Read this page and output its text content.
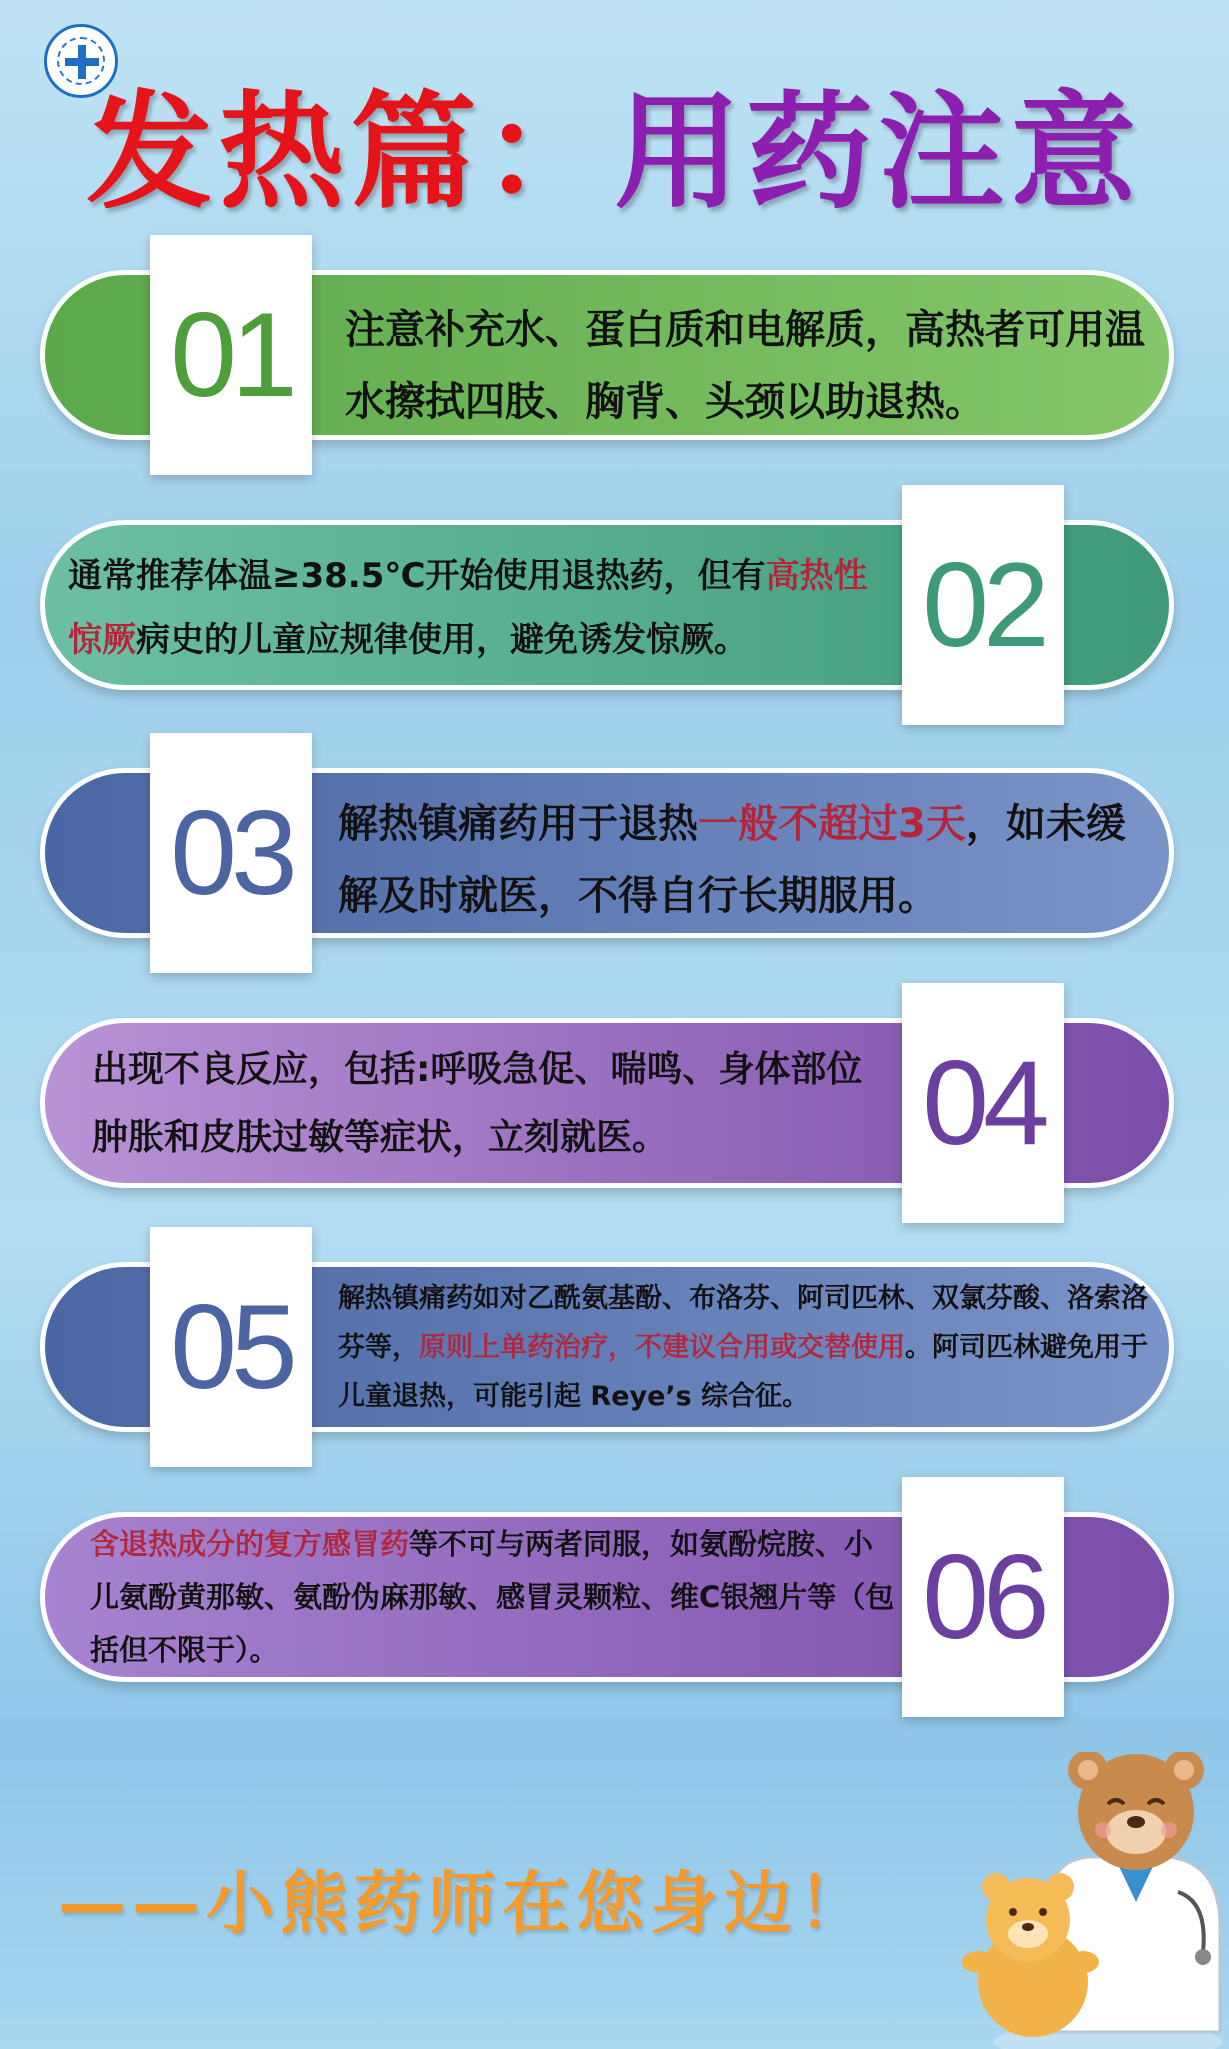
发热篇：用药注意
01	注意补充水、蛋白质和电解质，高热者可用温水擦拭四肢、胸背、头颈以助退热。
02
通常推荐体温≥38.5℃开始使用退热药，但有高热性惊厥病史的儿童应规律使用，避免诱发惊厥。
03	解热镇痛药用于退热一般不超过3天，如未缓解及时就医，不得自行长期服用。
04
出现不良反应，包括:呼吸急促、喘鸣、身体部位肿胀和皮肤过敏等症状，立刻就医。
05	解热镇痛药如对乙酰氨基酚、布洛芬、阿司匹林、双氯芬酸、洛索洛芬等，原则上单药治疗，不建议合用或交替使用。阿司匹林避免用于儿童退热，可能引起 Reye’s 综合征。
06
含退热成分的复方感冒药等不可与两者同服，如氨酚烷胺、小儿氨酚黄那敏、氨酚伪麻那敏、感冒灵颗粒、维C银翘片等（包括但不限于）。
——小熊药师在您身边！
